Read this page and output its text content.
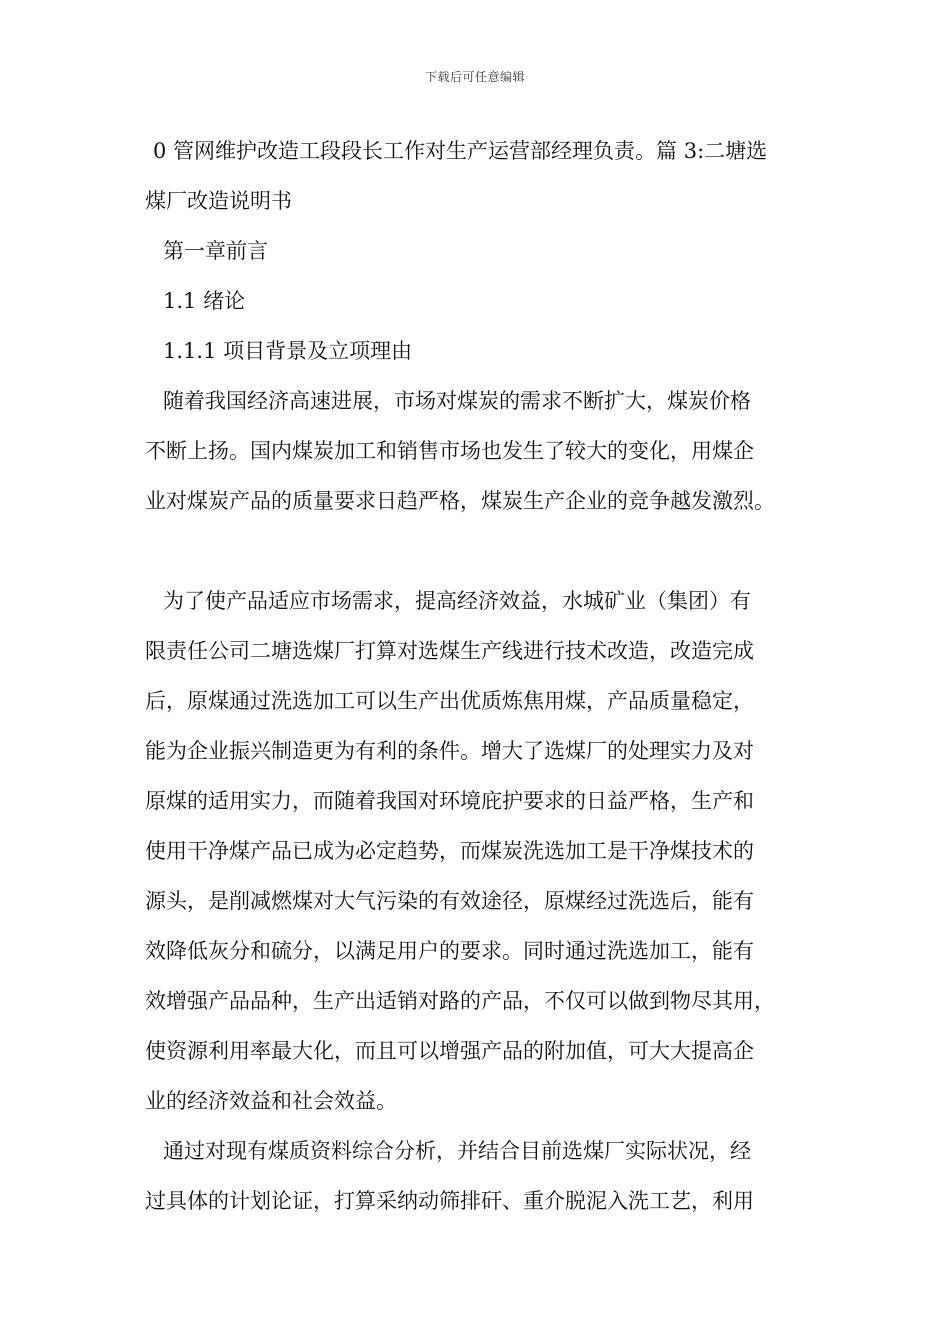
下载后可任意编辑
0 管网维护改造工段段长工作对生产运营部经理负责。篇 3:二塘选
煤厂改造说明书
第一章前言
1.1 绪论
1.1.1 项目背景及立项理由
随着我国经济高速进展，市场对煤炭的需求不断扩大，煤炭价格
不断上扬。国内煤炭加工和销售市场也发生了较大的变化，用煤企
业对煤炭产品的质量要求日趋严格，煤炭生产企业的竞争越发激烈。
为了使产品适应市场需求，提高经济效益，水城矿业（集团）有
限责任公司二塘选煤厂打算对选煤生产线进行技术改造，改造完成
后，原煤通过洗选加工可以生产出优质炼焦用煤，产品质量稳定，
能为企业振兴制造更为有利的条件。增大了选煤厂的处理实力及对
原煤的适用实力，而随着我国对环境庇护要求的日益严格，生产和
使用干净煤产品已成为必定趋势，而煤炭洗选加工是干净煤技术的
源头，是削减燃煤对大气污染的有效途径，原煤经过洗选后，能有
效降低灰分和硫分，以满足用户的要求。同时通过洗选加工，能有
效增强产品品种，生产出适销对路的产品，不仅可以做到物尽其用，
使资源利用率最大化，而且可以增强产品的附加值，可大大提高企
业的经济效益和社会效益。
通过对现有煤质资料综合分析，并结合目前选煤厂实际状况，经
过具体的计划论证，打算采纳动筛排矸、重介脱泥入洗工艺，利用
